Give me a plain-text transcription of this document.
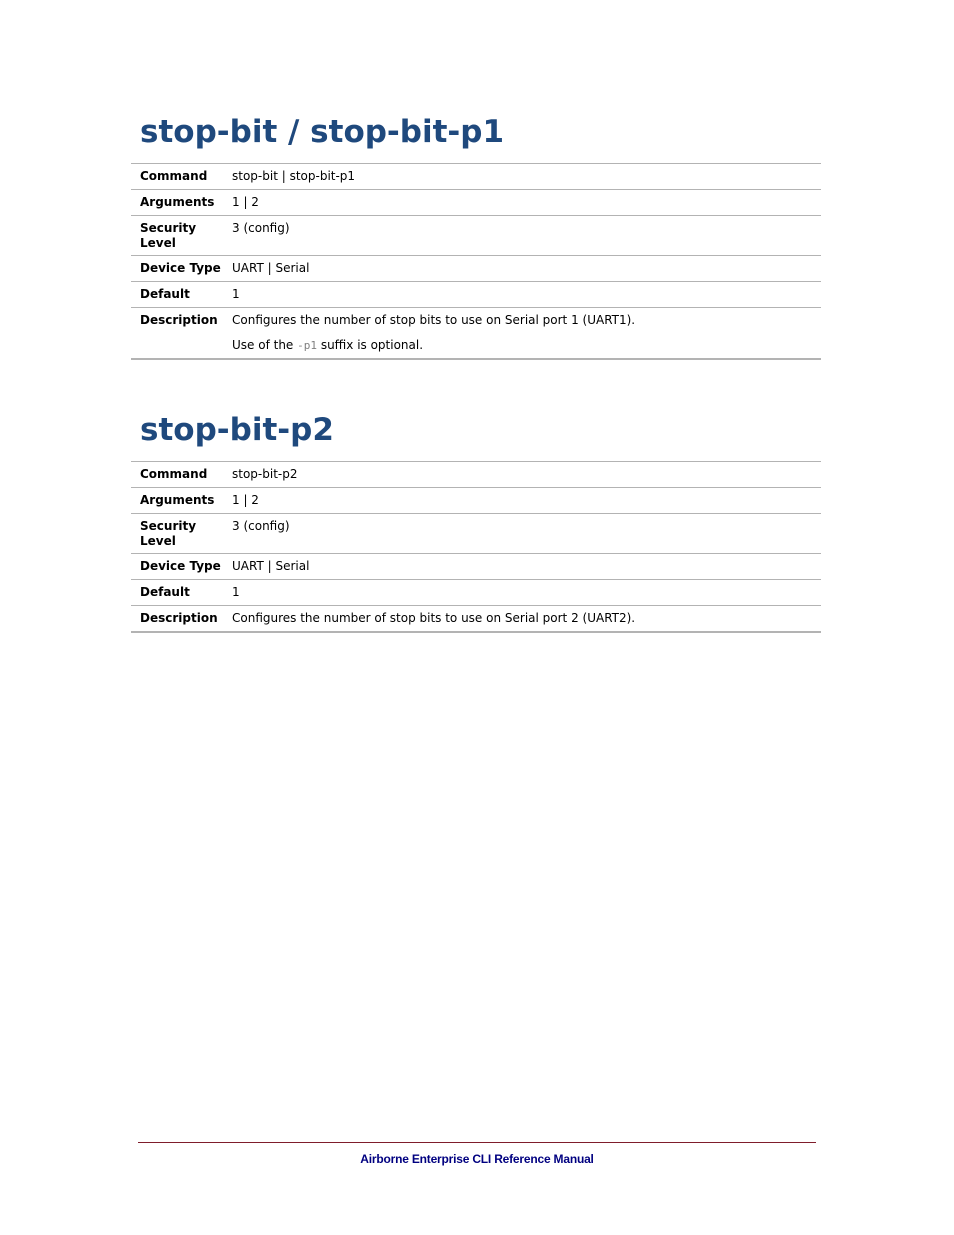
stop-bit / stop-bit-p1
Command	stop-bit | stop-bit-p1
Arguments	1 | 2
Security Level	3 (config)
Device Type	UART | Serial
Default	1
Description	Configures the number of stop bits to use on Serial port 1 (UART1).
Use of the -p1 suffix is optional.
stop-bit-p2
Command	stop-bit-p2
Arguments	1 | 2
Security Level	3 (config)
Device Type	UART | Serial
Default	1
Description	Configures the number of stop bits to use on Serial port 2 (UART2).
Airborne Enterprise CLI Reference Manual
